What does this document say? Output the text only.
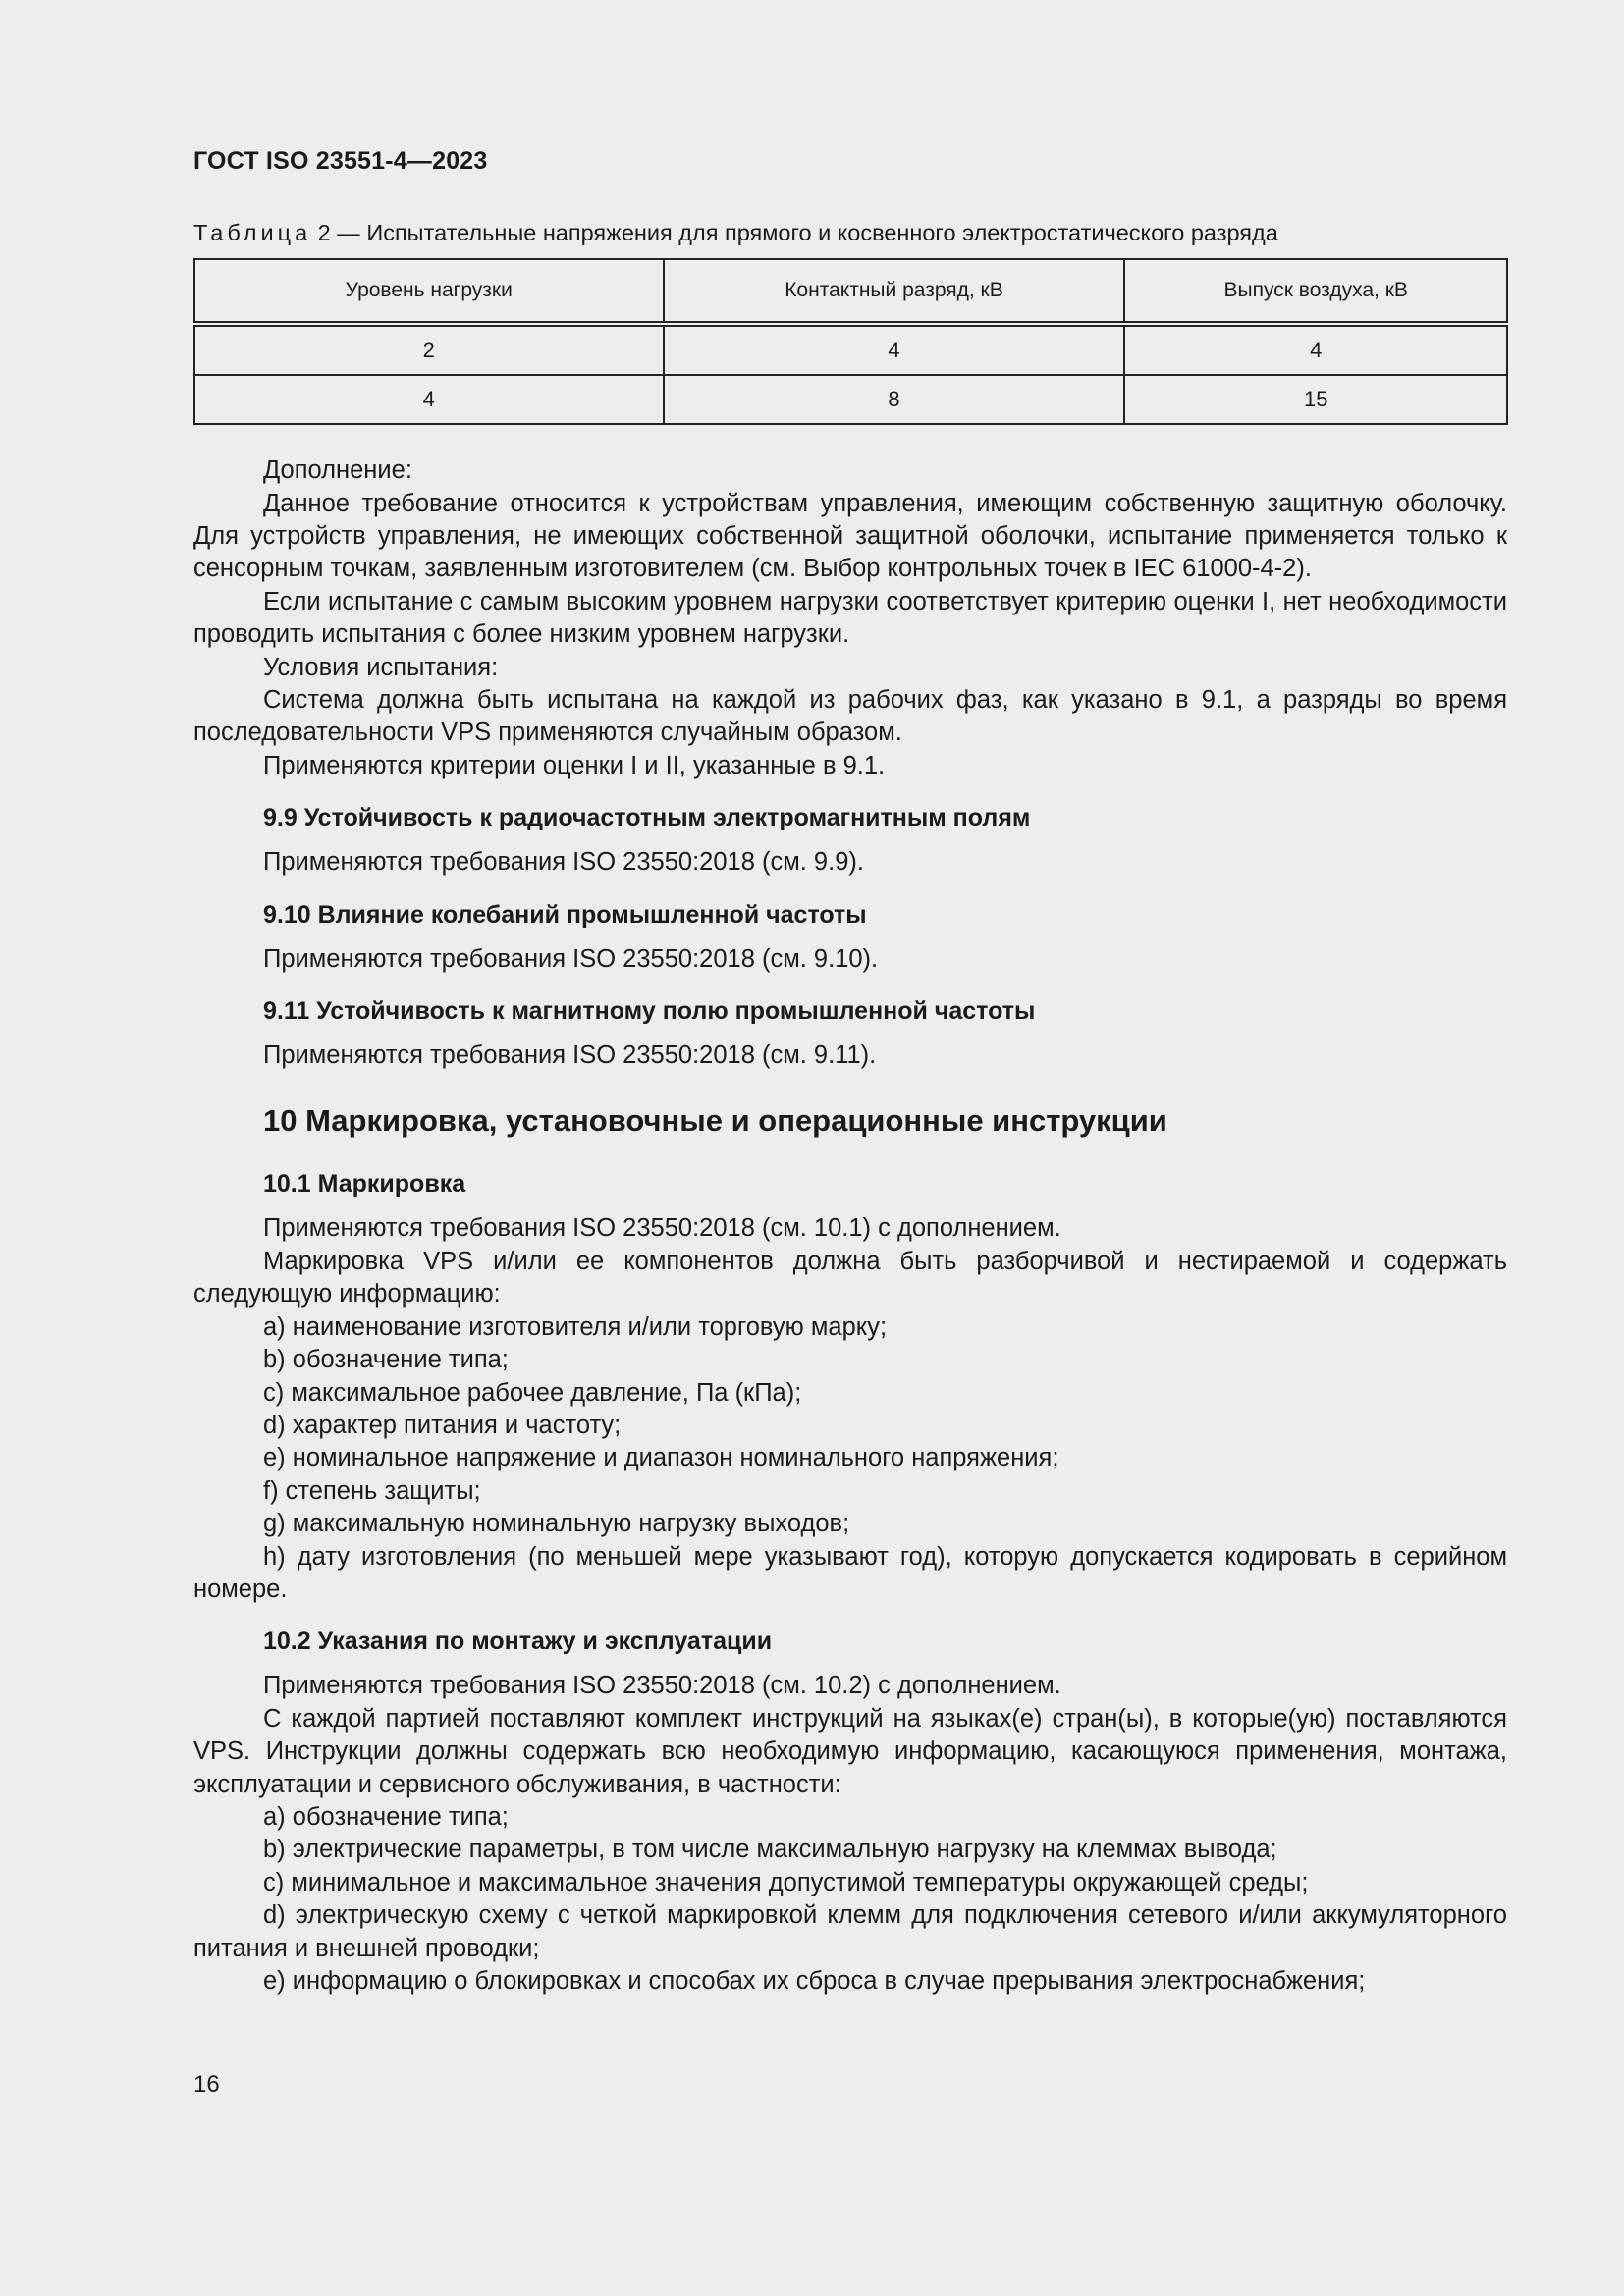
ГОСТ ISO 23551-4—2023
Таблица 2 — Испытательные напряжения для прямого и косвенного электростатического разряда
Уровень нагрузки	Контактный разряд, кВ	Выпуск воздуха, кВ
2	4	4
4	8	15

Дополнение:

Данное требование относится к устройствам управления, имеющим собственную защитную оболочку. Для устройств управления, не имеющих собственной защитной оболочки, испытание применяется только к сенсорным точкам, заявленным изготовителем (см. Выбор контрольных точек в IEC 61000-4-2).

Если испытание с самым высоким уровнем нагрузки соответствует критерию оценки I, нет необходимости проводить испытания с более низким уровнем нагрузки.

Условия испытания:

Система должна быть испытана на каждой из рабочих фаз, как указано в 9.1, а разряды во время последовательности VPS применяются случайным образом.

Применяются критерии оценки I и II, указанные в 9.1.

9.9 Устойчивость к радиочастотным электромагнитным полям

Применяются требования ISO 23550:2018 (см. 9.9).

9.10 Влияние колебаний промышленной частоты

Применяются требования ISO 23550:2018 (см. 9.10).

9.11 Устойчивость к магнитному полю промышленной частоты

Применяются требования ISO 23550:2018 (см. 9.11).

10 Маркировка, установочные и операционные инструкции
10.1 Маркировка

Применяются требования ISO 23550:2018 (см. 10.1) с дополнением.

Маркировка VPS и/или ее компонентов должна быть разборчивой и нестираемой и содержать следующую информацию:

a) наименование изготовителя и/или торговую марку;

b) обозначение типа;

c) максимальное рабочее давление, Па (кПа);

d) характер питания и частоту;

e) номинальное напряжение и диапазон номинального напряжения;

f) степень защиты;

g) максимальную номинальную нагрузку выходов;

h) дату изготовления (по меньшей мере указывают год), которую допускается кодировать в серийном номере.

10.2 Указания по монтажу и эксплуатации

Применяются требования ISO 23550:2018 (см. 10.2) с дополнением.

С каждой партией поставляют комплект инструкций на языках(е) стран(ы), в которые(ую) поставляются VPS. Инструкции должны содержать всю необходимую информацию, касающуюся применения, монтажа, эксплуатации и сервисного обслуживания, в частности:

a) обозначение типа;

b) электрические параметры, в том числе максимальную нагрузку на клеммах вывода;

c) минимальное и максимальное значения допустимой температуры окружающей среды;

d) электрическую схему с четкой маркировкой клемм для подключения сетевого и/или аккумуляторного питания и внешней проводки;

e) информацию о блокировках и способах их сброса в случае прерывания электроснабжения;

16
